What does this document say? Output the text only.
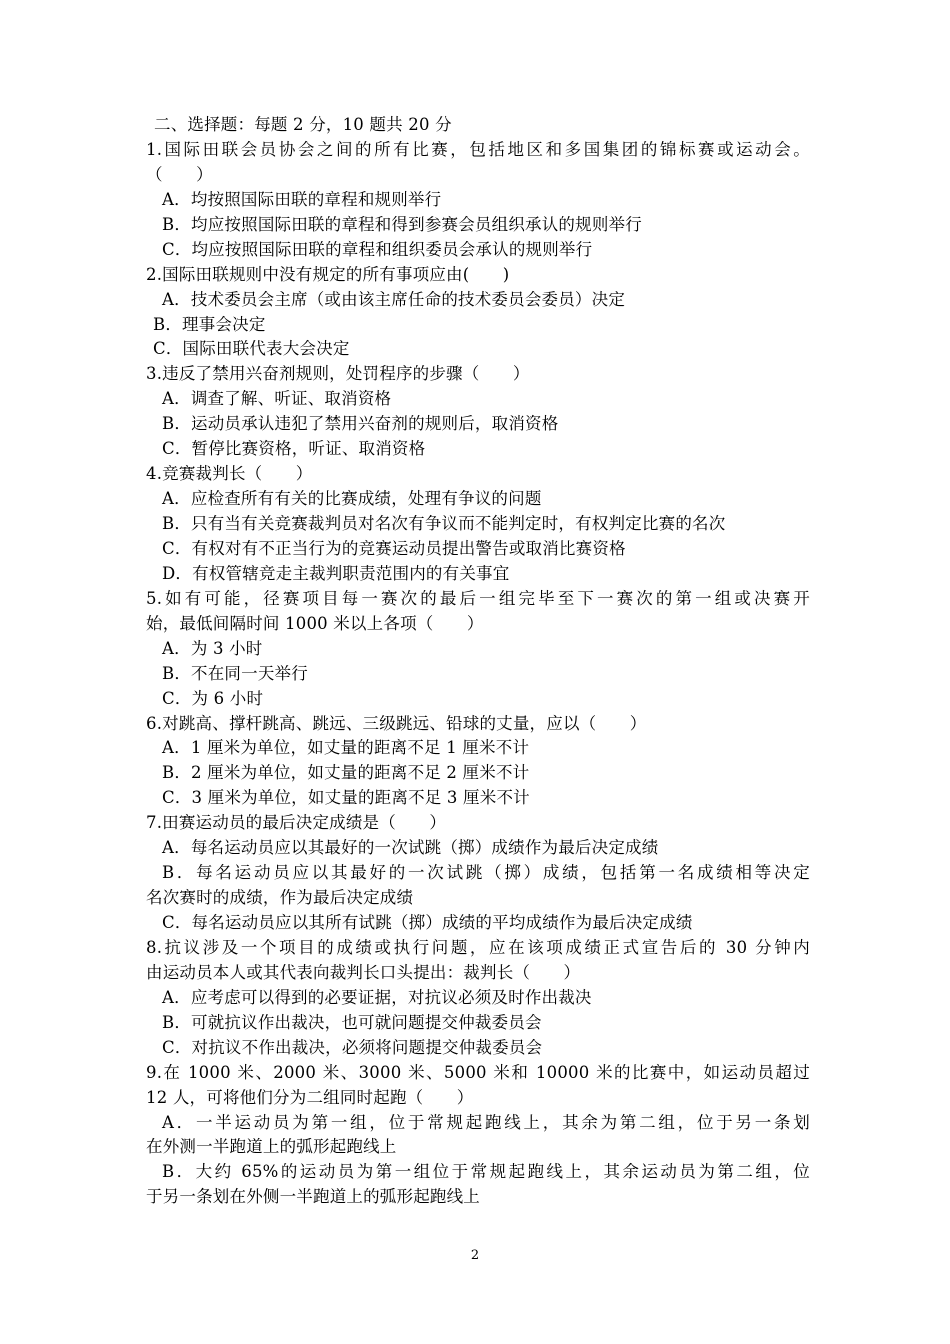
二、选择题：每题 2 分，10 题共 20 分
1.国际田联会员协会之间的所有比赛，包括地区和多国集团的锦标赛或运动会。
（　　）
A．均按照国际田联的章程和规则举行
B．均应按照国际田联的章程和得到参赛会员组织承认的规则举行
C．均应按照国际田联的章程和组织委员会承认的规则举行
2.国际田联规则中没有规定的所有事项应由(　　)
A．技术委员会主席（或由该主席任命的技术委员会委员）决定
B．理事会决定
C．国际田联代表大会决定
3.违反了禁用兴奋剂规则，处罚程序的步骤（　　）
A．调查了解、听证、取消资格
B．运动员承认违犯了禁用兴奋剂的规则后，取消资格
C．暂停比赛资格，听证、取消资格
4.竞赛裁判长（　　）
A．应检查所有有关的比赛成绩，处理有争议的问题
B．只有当有关竞赛裁判员对名次有争议而不能判定时，有权判定比赛的名次
C．有权对有不正当行为的竞赛运动员提出警告或取消比赛资格
D．有权管辖竞走主裁判职责范围内的有关事宜
5.如有可能，径赛项目每一赛次的最后一组完毕至下一赛次的第一组或决赛开
始，最低间隔时间 1000 米以上各项（　　）
A．为 3 小时
B．不在同一天举行
C．为 6 小时
6.对跳高、撑杆跳高、跳远、三级跳远、铅球的丈量，应以（　　）
A．1 厘米为单位，如丈量的距离不足 1 厘米不计
B．2 厘米为单位，如丈量的距离不足 2 厘米不计
C．3 厘米为单位，如丈量的距离不足 3 厘米不计
7.田赛运动员的最后决定成绩是（　　）
A．每名运动员应以其最好的一次试跳（掷）成绩作为最后决定成绩
B．每名运动员应以其最好的一次试跳（掷）成绩，包括第一名成绩相等决定
名次赛时的成绩，作为最后决定成绩
C．每名运动员应以其所有试跳（掷）成绩的平均成绩作为最后决定成绩
8.抗议涉及一个项目的成绩或执行问题，应在该项成绩正式宣告后的 30 分钟内
由运动员本人或其代表向裁判长口头提出：裁判长（　　）
A．应考虑可以得到的必要证据，对抗议必须及时作出裁决
B．可就抗议作出裁决，也可就问题提交仲裁委员会
C．对抗议不作出裁决，必须将问题提交仲裁委员会
9.在 1000 米、2000 米、3000 米、5000 米和 10000 米的比赛中，如运动员超过
12 人，可将他们分为二组同时起跑（　　）
A．一半运动员为第一组，位于常规起跑线上，其余为第二组，位于另一条划
在外测一半跑道上的弧形起跑线上
B．大约 65%的运动员为第一组位于常规起跑线上，其余运动员为第二组，位
于另一条划在外侧一半跑道上的弧形起跑线上
2
